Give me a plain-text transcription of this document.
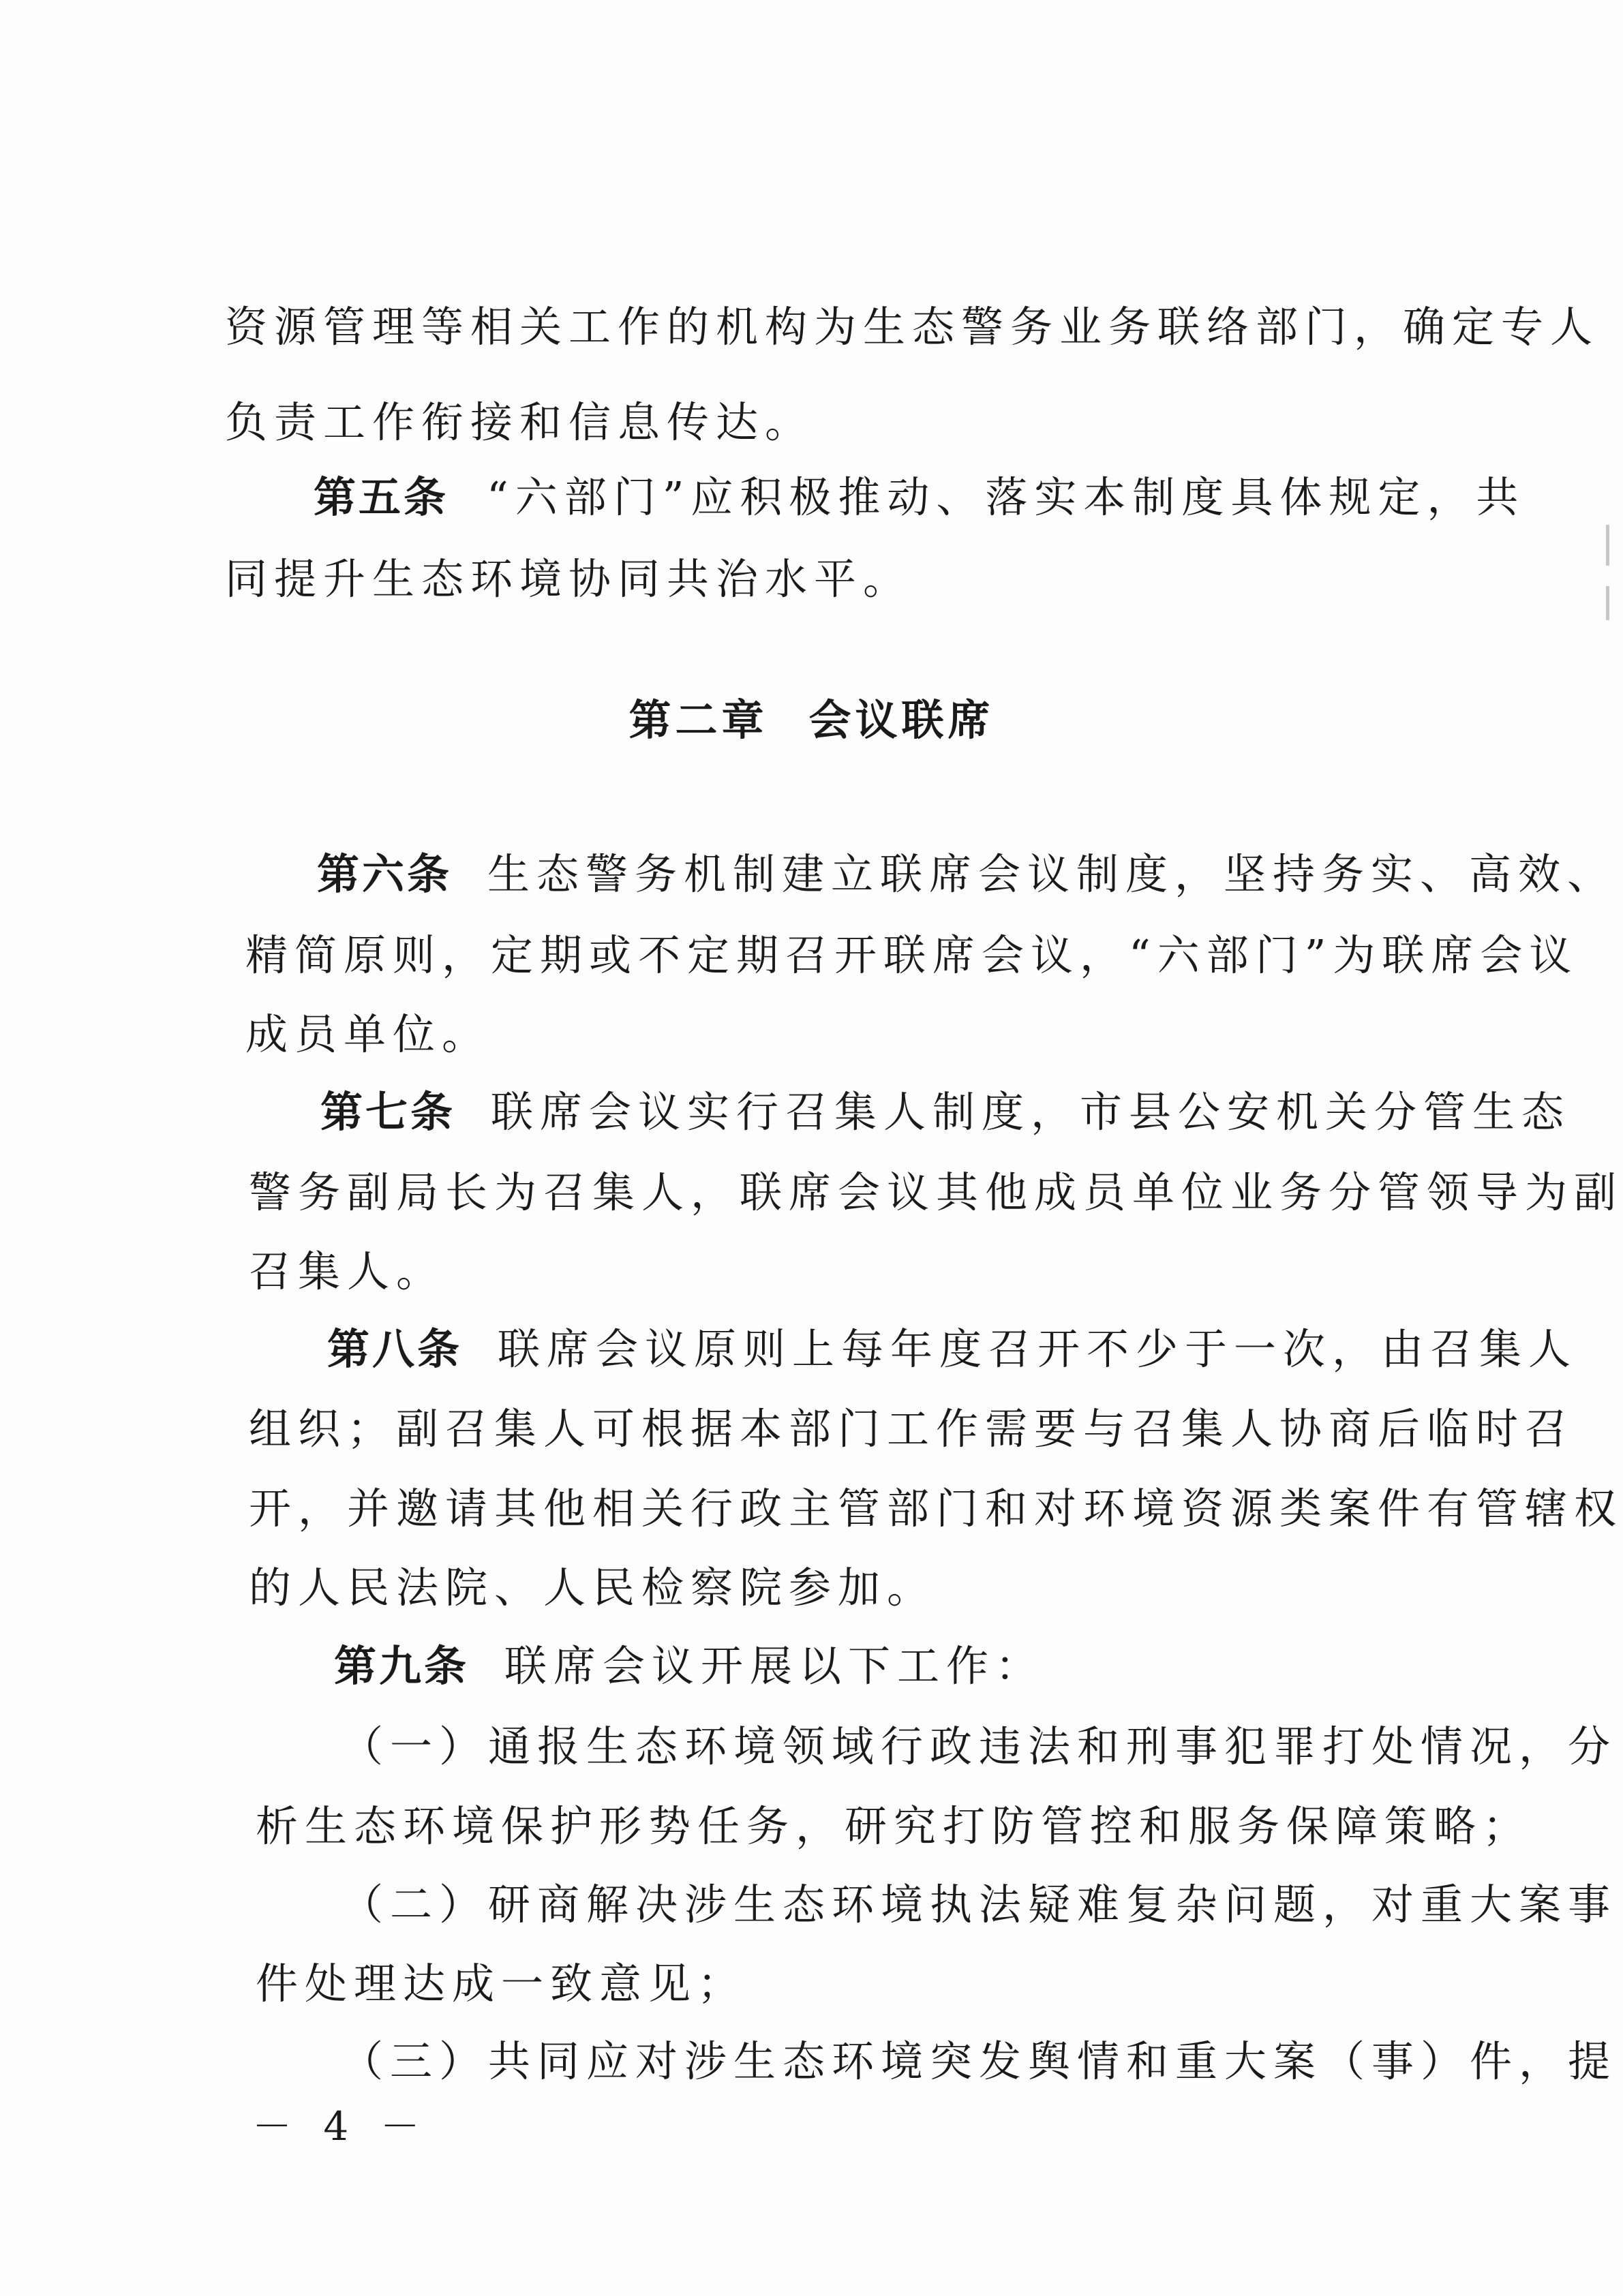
资源管理等相关工作的机构为生态警务业务联络部门，确定专人
负责工作衔接和信息传达。
第五条 “六部门”应积极推动、落实本制度具体规定，共
同提升生态环境协同共治水平。
第二章 会议联席
第六条 生态警务机制建立联席会议制度，坚持务实、高效、
精简原则，定期或不定期召开联席会议，“六部门”为联席会议
成员单位。
第七条 联席会议实行召集人制度，市县公安机关分管生态
警务副局长为召集人，联席会议其他成员单位业务分管领导为副
召集人。
第八条 联席会议原则上每年度召开不少于一次，由召集人
组织；副召集人可根据本部门工作需要与召集人协商后临时召
开，并邀请其他相关行政主管部门和对环境资源类案件有管辖权
的人民法院、人民检察院参加。
第九条 联席会议开展以下工作：
（一）通报生态环境领域行政违法和刑事犯罪打处情况，分
析生态环境保护形势任务，研究打防管控和服务保障策略；
（二）研商解决涉生态环境执法疑难复杂问题，对重大案事
件处理达成一致意见；
（三）共同应对涉生态环境突发舆情和重大案（事）件，提
－ 4 －
